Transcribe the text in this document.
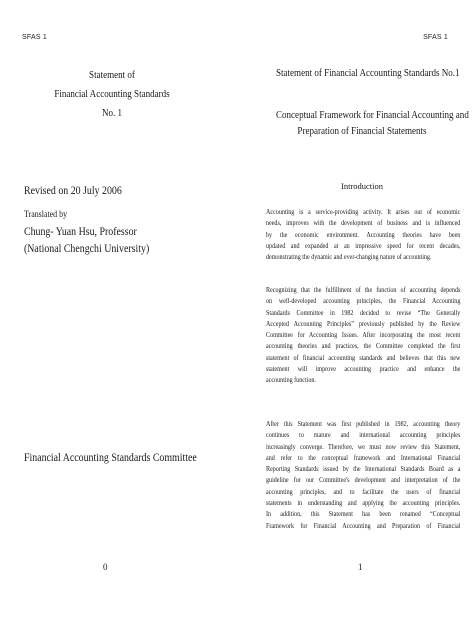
SFAS 1	SFAS 1
Statement of
Financial Accounting Standards
No. 1
Revised on 20 July 2006
Translated by
Chung- Yuan Hsu, Professor
(National Chengchi University)
Financial Accounting Standards Committee
0
Statement of Financial Accounting Standards No.1
Conceptual Framework for Financial Accounting and
Preparation of Financial Statements
Introduction
Accounting is a service-providing activity. It arises out of economic
needs, improves with the development of business and is influenced
by the economic environment. Accounting theories have been
updated and expanded at an impressive speed for recent decades,
demonstrating the dynamic and ever-changing nature of accounting.
Recognizing that the fulfillment of the function of accounting depends
on well-developed accounting principles, the Financial Accounting
Standards Committee in 1982 decided to revise “The Generally
Accepted Accounting Principles” previously published by the Review
Committee for Accounting Issues. After incorporating the most recent
accounting theories and practices, the Committee completed the first
statement of financial accounting standards and believes that this new
statement will improve accounting practice and enhance the
accounting function.
After this Statement was first published in 1982, accounting theory
continues to mature and international accounting principles
increasingly converge. Therefore, we must now review this Statement,
and refer to the conceptual framework and International Financial
Reporting Standards issued by the International Standards Board as a
guideline for our Committee's development and interpretation of the
accounting principles, and to facilitate the users of financial
statements in understanding and applying the accounting principles.
In addition, this Statement has been renamed “Conceptual
Framework for Financial Accounting and Preparation of Financial
1
